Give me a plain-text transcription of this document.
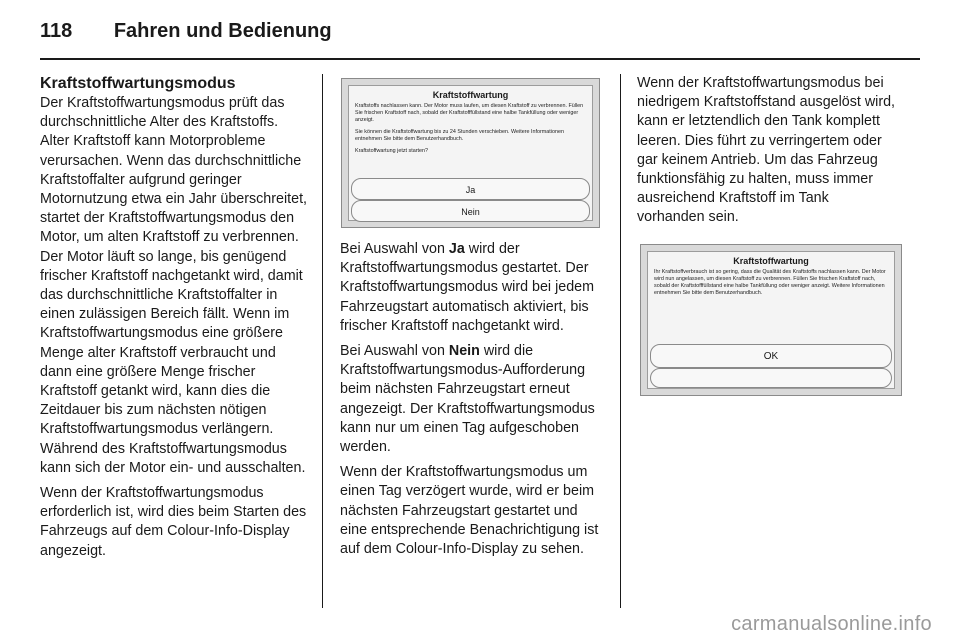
118 Fahren und Bedienung
Kraftstoffwartungsmodus

Der Kraftstoffwartungsmodus prüft das durchschnittliche Alter des Kraftstoffs. Alter Kraftstoff kann Motorprobleme verursachen. Wenn das durchschnittliche Kraftstoffalter aufgrund geringer Motornutzung etwa ein Jahr überschreitet, startet der Kraftstoffwartungsmodus den Motor, um alten Kraftstoff zu verbrennen. Der Motor läuft so lange, bis genügend frischer Kraftstoff nachgetankt wird, damit das durchschnittliche Kraftstoffalter in einen zulässigen Bereich fällt. Wenn im Kraftstoffwartungsmodus eine größere Menge alter Kraftstoff verbraucht und dann eine größere Menge frischer Kraftstoff getankt wird, kann dies die Zeitdauer bis zum nächsten nötigen Kraftstoffwartungsmodus verlängern. Während des Kraftstoffwartungsmodus kann sich der Motor ein- und ausschalten.

Wenn der Kraftstoffwartungsmodus erforderlich ist, wird dies beim Starten des Fahrzeugs auf dem Colour-Info-Display angezeigt.

Kraftstoffwartung
Kraftstoffs nachlassen kann. Der Motor muss laufen, um diesen Kraftstoff zu verbrennen. Füllen Sie frischen Kraftstoff nach, sobald der Kraftstofffüllstand eine halbe Tankfüllung oder weniger anzeigt.
Sie können die Kraftstoffwartung bis zu 24 Stunden verschieben. Weitere Informationen entnehmen Sie bitte dem Benutzerhandbuch.
Kraftstoffwartung jetzt starten?
Ja
Nein

Bei Auswahl von Ja wird der Kraftstoffwartungsmodus gestartet. Der Kraftstoffwartungsmodus wird bei jedem Fahrzeugstart automatisch aktiviert, bis frischer Kraftstoff nachgetankt wird.

Bei Auswahl von Nein wird die Kraftstoffwartungsmodus-Aufforderung beim nächsten Fahrzeugstart erneut angezeigt. Der Kraftstoffwartungsmodus kann nur um einen Tag aufgeschoben werden.

Wenn der Kraftstoffwartungsmodus um einen Tag verzögert wurde, wird er beim nächsten Fahrzeugstart gestartet und eine entsprechende Benachrichtigung ist auf dem Colour-Info-Display zu sehen.

Wenn der Kraftstoffwartungsmodus bei niedrigem Kraftstoffstand ausgelöst wird, kann er letztendlich den Tank komplett leeren. Dies führt zu verringertem oder gar keinem Antrieb. Um das Fahrzeug funktionsfähig zu halten, muss immer ausreichend Kraftstoff im Tank vorhanden sein.

Kraftstoffwartung
Ihr Kraftstoffverbrauch ist so gering, dass die Qualität des Kraftstoffs nachlassen kann. Der Motor wird nun angelassen, um diesen Kraftstoff zu verbrennen. Füllen Sie frischen Kraftstoff nach, sobald der Kraftstofffüllstand eine halbe Tankfüllung oder weniger anzeigt. Weitere Informationen entnehmen Sie bitte dem Benutzerhandbuch.
OK
carmanualsonline.info
